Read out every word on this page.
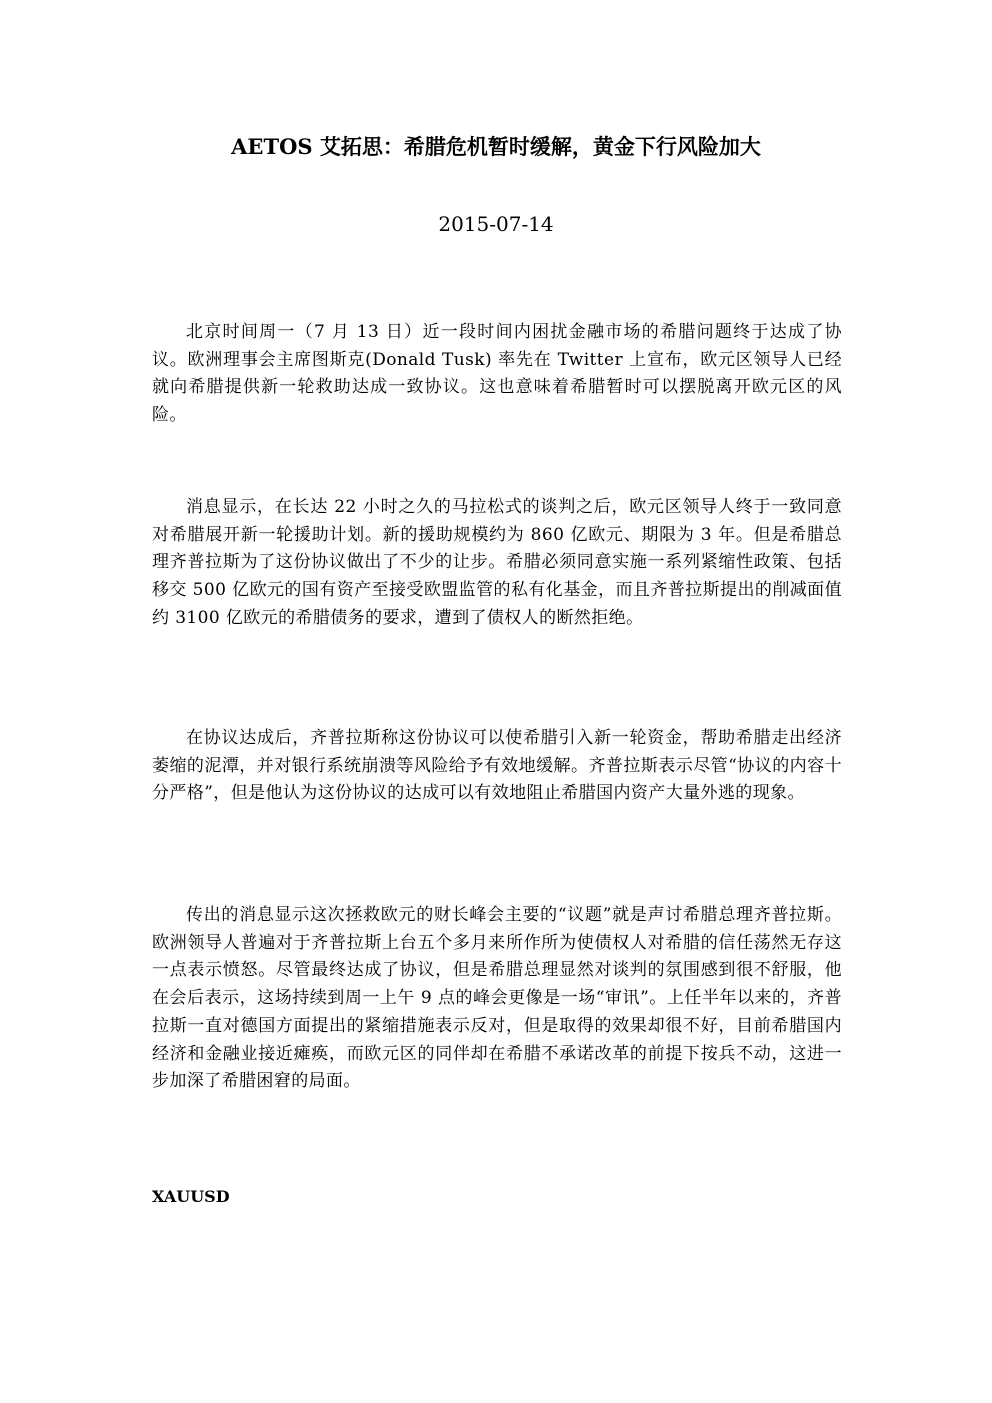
AETOS 艾拓思：希腊危机暂时缓解，黄金下行风险加大
2015-07-14

北京时间周一（7 月 13 日）近一段时间内困扰金融市场的希腊问题终于达成了协议。欧洲理事会主席图斯克(Donald Tusk) 率先在 Twitter 上宣布，欧元区领导人已经就向希腊提供新一轮救助达成一致协议。这也意味着希腊暂时可以摆脱离开欧元区的风险。

消息显示，在长达 22 小时之久的马拉松式的谈判之后，欧元区领导人终于一致同意对希腊展开新一轮援助计划。新的援助规模约为 860 亿欧元、期限为 3 年。但是希腊总理齐普拉斯为了这份协议做出了不少的让步。希腊必须同意实施一系列紧缩性政策、包括移交 500 亿欧元的国有资产至接受欧盟监管的私有化基金，而且齐普拉斯提出的削减面值约 3100 亿欧元的希腊债务的要求，遭到了债权人的断然拒绝。

在协议达成后，齐普拉斯称这份协议可以使希腊引入新一轮资金，帮助希腊走出经济萎缩的泥潭，并对银行系统崩溃等风险给予有效地缓解。齐普拉斯表示尽管“协议的内容十分严格”，但是他认为这份协议的达成可以有效地阻止希腊国内资产大量外逃的现象。

传出的消息显示这次拯救欧元的财长峰会主要的“议题”就是声讨希腊总理齐普拉斯。欧洲领导人普遍对于齐普拉斯上台五个多月来所作所为使债权人对希腊的信任荡然无存这一点表示愤怒。尽管最终达成了协议，但是希腊总理显然对谈判的氛围感到很不舒服，他在会后表示，这场持续到周一上午 9 点的峰会更像是一场“审讯”。上任半年以来的，齐普拉斯一直对德国方面提出的紧缩措施表示反对，但是取得的效果却很不好，目前希腊国内经济和金融业接近瘫痪，而欧元区的同伴却在希腊不承诺改革的前提下按兵不动，这进一步加深了希腊困窘的局面。

XAUUSD
